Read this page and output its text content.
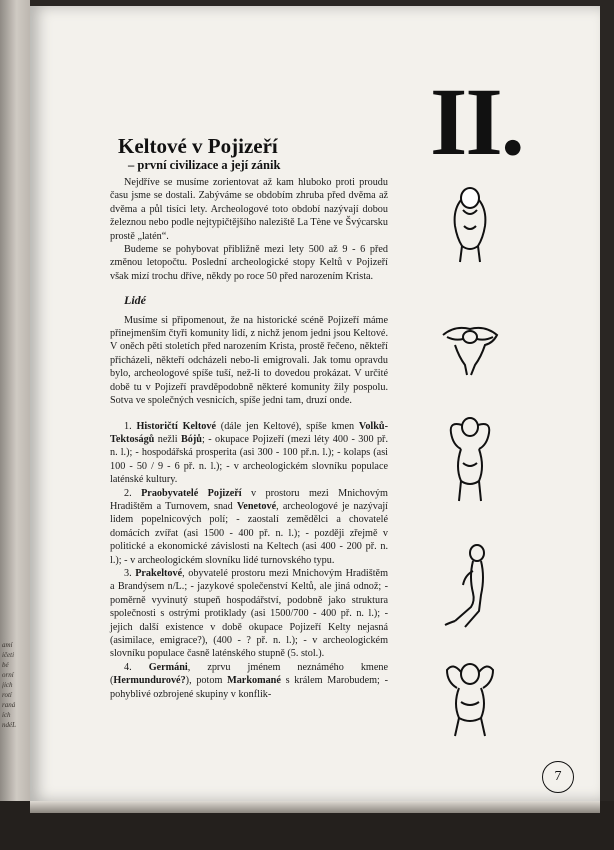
amí
ičeti
bé
orní
jich
rotí
raná
ích
ndéL
II.
Keltové v Pojizeří
– první civilizace a její zánik

Nejdříve se musíme zorientovat až kam hluboko proti proudu času jsme se dostali. Zabýváme se obdobím zhruba před dvěma až dvěma a půl tisíci lety. Archeologové toto období nazývají dobou železnou nebo podle nejtypičtějšího naleziště La Tène ve Švýcarsku prostě „latén“.

Budeme se pohybovat přibližně mezi lety 500 až 9 - 6 před změnou letopočtu. Poslední archeologické stopy Keltů v Pojizeří však mizí trochu dříve, někdy po roce 50 před narozením Krista.

Lidé

Musíme si připomenout, že na historické scéně Pojizeří máme přinejmenším čtyři komunity lidí, z nichž jenom jedni jsou Keltové. V oněch pěti stoletích před narozením Krista, prostě řečeno, někteří přicházeli, někteří odcházeli nebo-li emigrovali. Jak tomu opravdu bylo, archeologové spíše tuší, než-li to dovedou prokázat. V určité době tu v Pojizeří pravděpodobně některé komunity žily pospolu. Sotva ve společných vesnicích, spíše jedni tam, druzí onde.

1. Historičtí Keltové (dále jen Keltové), spíše kmen Volků-Tektoságů nežli Bójů; - okupace Pojizeří (mezi léty 400 - 300 př. n. l.); - hospodářská prosperita (asi 300 - 100 př.n. l.); - kolaps (asi 100 - 50 / 9 - 6 př. n. l.); - v archeologickém slovníku populace laténské kultury.

2. Praobyvatelé Pojizeří v prostoru mezi Mnichovým Hradištěm a Turnovem, snad Venetové, archeologové je nazývají lidem popelnicových polí; - zaostalí zemědělci a chovatelé domácích zvířat (asi 1500 - 400 př. n. l.); - později zřejmě v politické a ekonomické závislosti na Keltech (asi 400 - 200 př. n. l.); - v archeologickém slovníku lidé turnovského typu.

3. Prakeltové, obyvatelé prostoru mezi Mnichovým Hradištěm a Brandýsem n/L.; - jazykové společenství Keltů, ale jiná odnož; - poměrně vyvinutý stupeň hospodářství, podobně jako struktura společnosti s ostrými protiklady (asi 1500/700 - 400 př. n. l.); - jejich další existence v době okupace Pojizeří Kelty nejasná (asimilace, emigrace?), (400 - ? př. n. l.); - v archeologickém slovníku populace časně laténského stupně (5. stol.).

4. Germáni, zprvu jménem neznámého kmene (Hermundurové?), potom Markomané s králem Marobudem; - pohyblivé ozbrojené skupiny v konflik-

7
